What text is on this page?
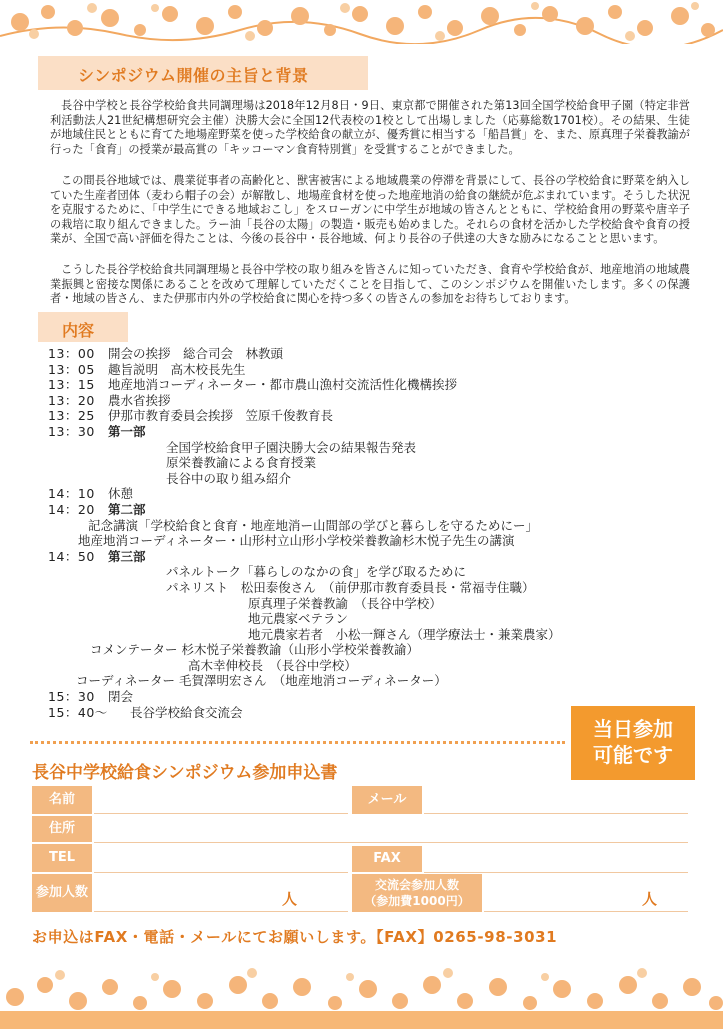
シンポジウム開催の主旨と背景

長谷中学校と長谷学校給食共同調理場は2018年12月8日・9日、東京都で開催された第13回全国学校給食甲子園（特定非営利活動法人21世紀構想研究会主催）決勝大会に全国12代表校の1校として出場しました（応募総数1701校）。その結果、生徒が地域住民とともに育てた地場産野菜を使った学校給食の献立が、優秀賞に相当する「船昌賞」を、また、原真理子栄養教諭が行った「食育」の授業が最高賞の「キッコーマン食育特別賞」を受賞することができました。

この間長谷地域では、農業従事者の高齢化と、獣害被害による地域農業の停滞を背景にして、長谷の学校給食に野菜を納入していた生産者団体（麦わら帽子の会）が解散し、地場産食材を使った地産地消の給食の継続が危ぶまれています。そうした状況を克服するために、「中学生にできる地域おこし」をスローガンに中学生が地域の皆さんとともに、学校給食用の野菜や唐辛子の栽培に取り組んできました。ラー油「長谷の太陽」の製造・販売も始めました。それらの食材を活かした学校給食や食育の授業が、全国で高い評価を得たことは、今後の長谷中・長谷地域、何より長谷の子供達の大きな励みになることと思います。

こうした長谷学校給食共同調理場と長谷中学校の取り組みを皆さんに知っていただき、食育や学校給食が、地産地消の地域農業振興と密接な関係にあることを改めて理解していただくことを目指して、このシンポジウムを開催いたします。多くの保護者・地域の皆さん、また伊那市内外の学校給食に関心を持つ多くの皆さんの参加をお待ちしております。

内容
13：00 開会の挨拶　総合司会　林教頭
13：05 趣旨説明　高木校長先生
13：15 地産地消コーディネーター・都市農山漁村交流活性化機構挨拶
13：20 農水省挨拶
13：25 伊那市教育委員会挨拶　笠原千俊教育長
13：30 第一部
全国学校給食甲子園決勝大会の結果報告発表
原栄養教諭による食育授業
長谷中の取り組み紹介
14：10 休憩
14：20 第二部
記念講演「学校給食と食育・地産地消ー山間部の学びと暮らしを守るためにー」
地産地消コーディネーター・山形村立山形小学校栄養教諭杉木悦子先生の講演
14：50 第三部
パネルトーク「暮らしのなかの食」を学び取るために
パネリスト　松田泰俊さん　（前伊那市教育委員長・常福寺住職）
原真理子栄養教諭　（長谷中学校）
地元農家ベテラン
地元農家若者　小松一輝さん（理学療法士・兼業農家）
コメンテーター 杉木悦子栄養教諭（山形小学校栄養教諭）
高木幸伸校長　（長谷中学校）
コーディネーター 毛賀澤明宏さん　（地産地消コーディネーター）
15：30 閉会
15：40～ 長谷学校給食交流会
当日参加
可能です
長谷中学校給食シンポジウム参加申込書
名前	メール
住所
TEL	FAX
参加人数	人
交流会参加人数
（参加費1000円）	人
お申込はFAX・電話・メールにてお願いします。【FAX】0265-98-3031
